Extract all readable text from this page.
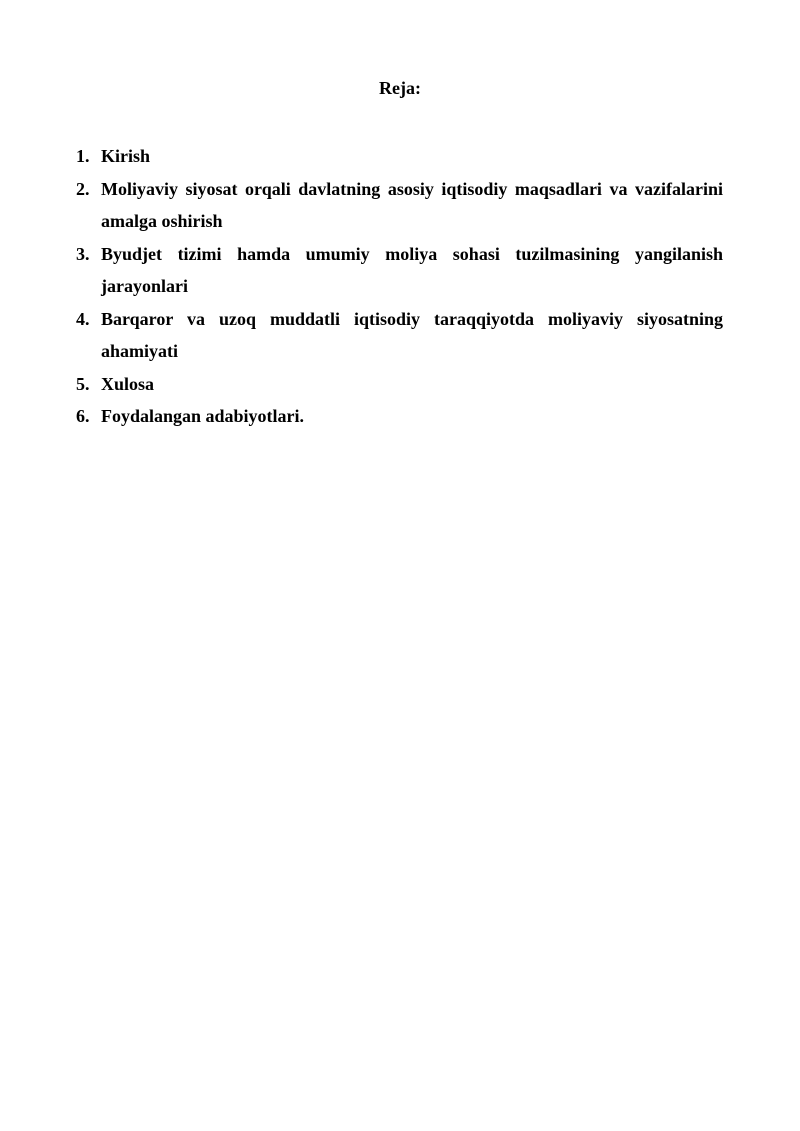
Reja:
1. Kirish
2. Moliyaviy siyosat orqali davlatning asosiy iqtisodiy maqsadlari va vazifalarini amalga oshirish
3. Byudjet tizimi hamda umumiy moliya sohasi tuzilmasining yangilanish jarayonlari
4. Barqaror va uzoq muddatli iqtisodiy taraqqiyotda moliyaviy siyosatning ahamiyati
5. Xulosa
6. Foydalangan adabiyotlari.
